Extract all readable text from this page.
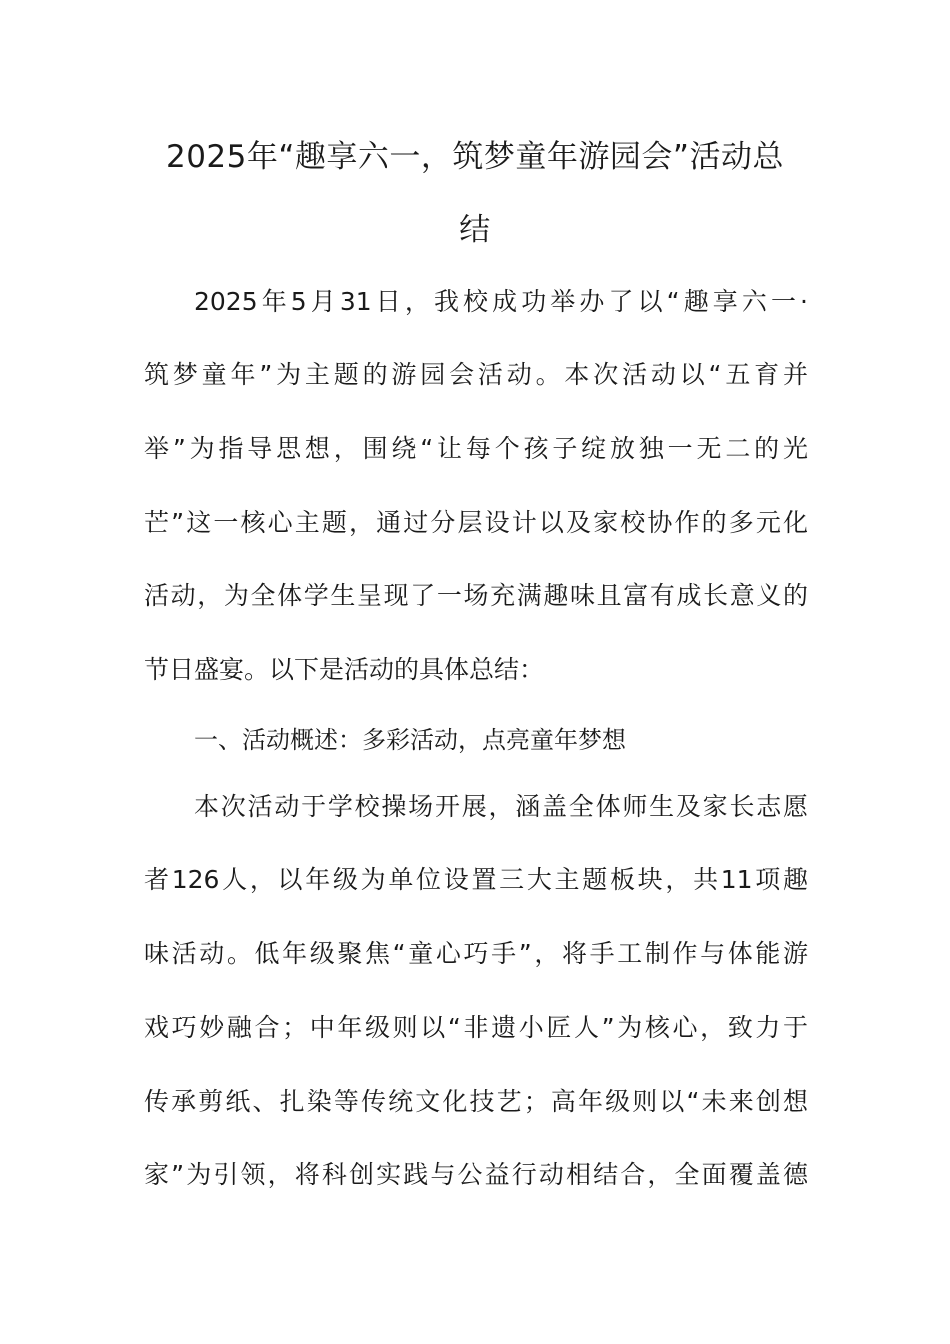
2025年“趣享六一，筑梦童年游园会”活动总
结
2025年5月31日，我校成功举办了以“趣享六一·
筑梦童年”为主题的游园会活动。本次活动以“五育并
举”为指导思想，围绕“让每个孩子绽放独一无二的光
芒”这一核心主题，通过分层设计以及家校协作的多元化
活动，为全体学生呈现了一场充满趣味且富有成长意义的
节日盛宴。以下是活动的具体总结：
一、活动概述：多彩活动，点亮童年梦想
本次活动于学校操场开展，涵盖全体师生及家长志愿
者126人，以年级为单位设置三大主题板块，共11项趣
味活动。低年级聚焦“童心巧手”，将手工制作与体能游
戏巧妙融合；中年级则以“非遗小匠人”为核心，致力于
传承剪纸、扎染等传统文化技艺；高年级则以“未来创想
家”为引领，将科创实践与公益行动相结合，全面覆盖德
